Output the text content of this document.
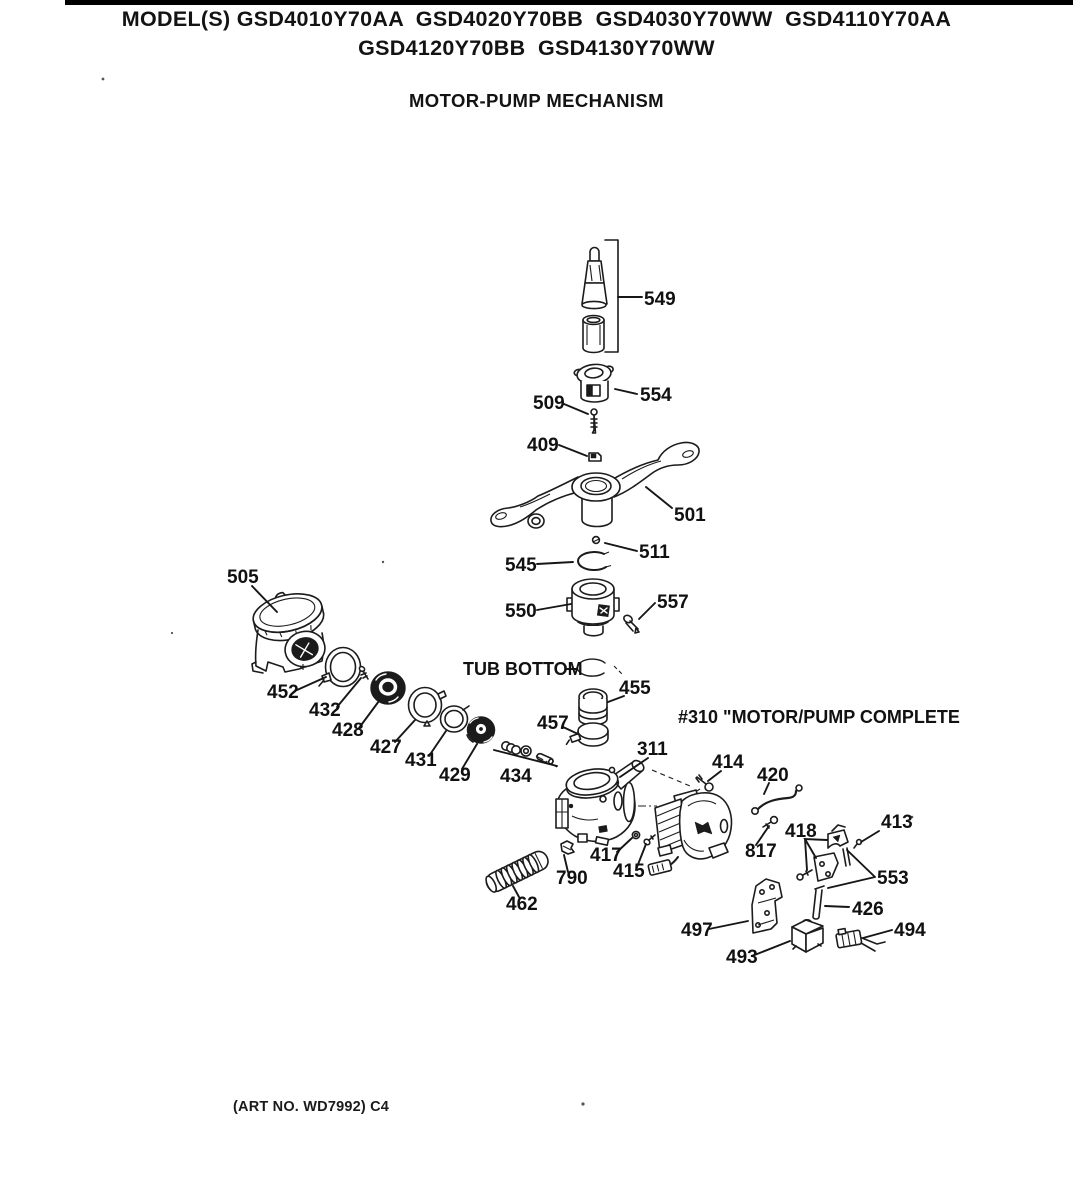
MODEL(S) GSD4010Y70AA  GSD4020Y70BB  GSD4030Y70WW  GSD4110Y70AA
GSD4120Y70BB  GSD4130Y70WW
MOTOR-PUMP MECHANISM
TUB BOTTOM
#310 "MOTOR/PUMP COMPLETE
549
554
509
409
501
511
545
550	557
505
452
432
428
427
431
429 434
455
457
311
414
420
413
418
817
553
417
415
790
462	426
497
493
494
(ART NO. WD7992) C4
